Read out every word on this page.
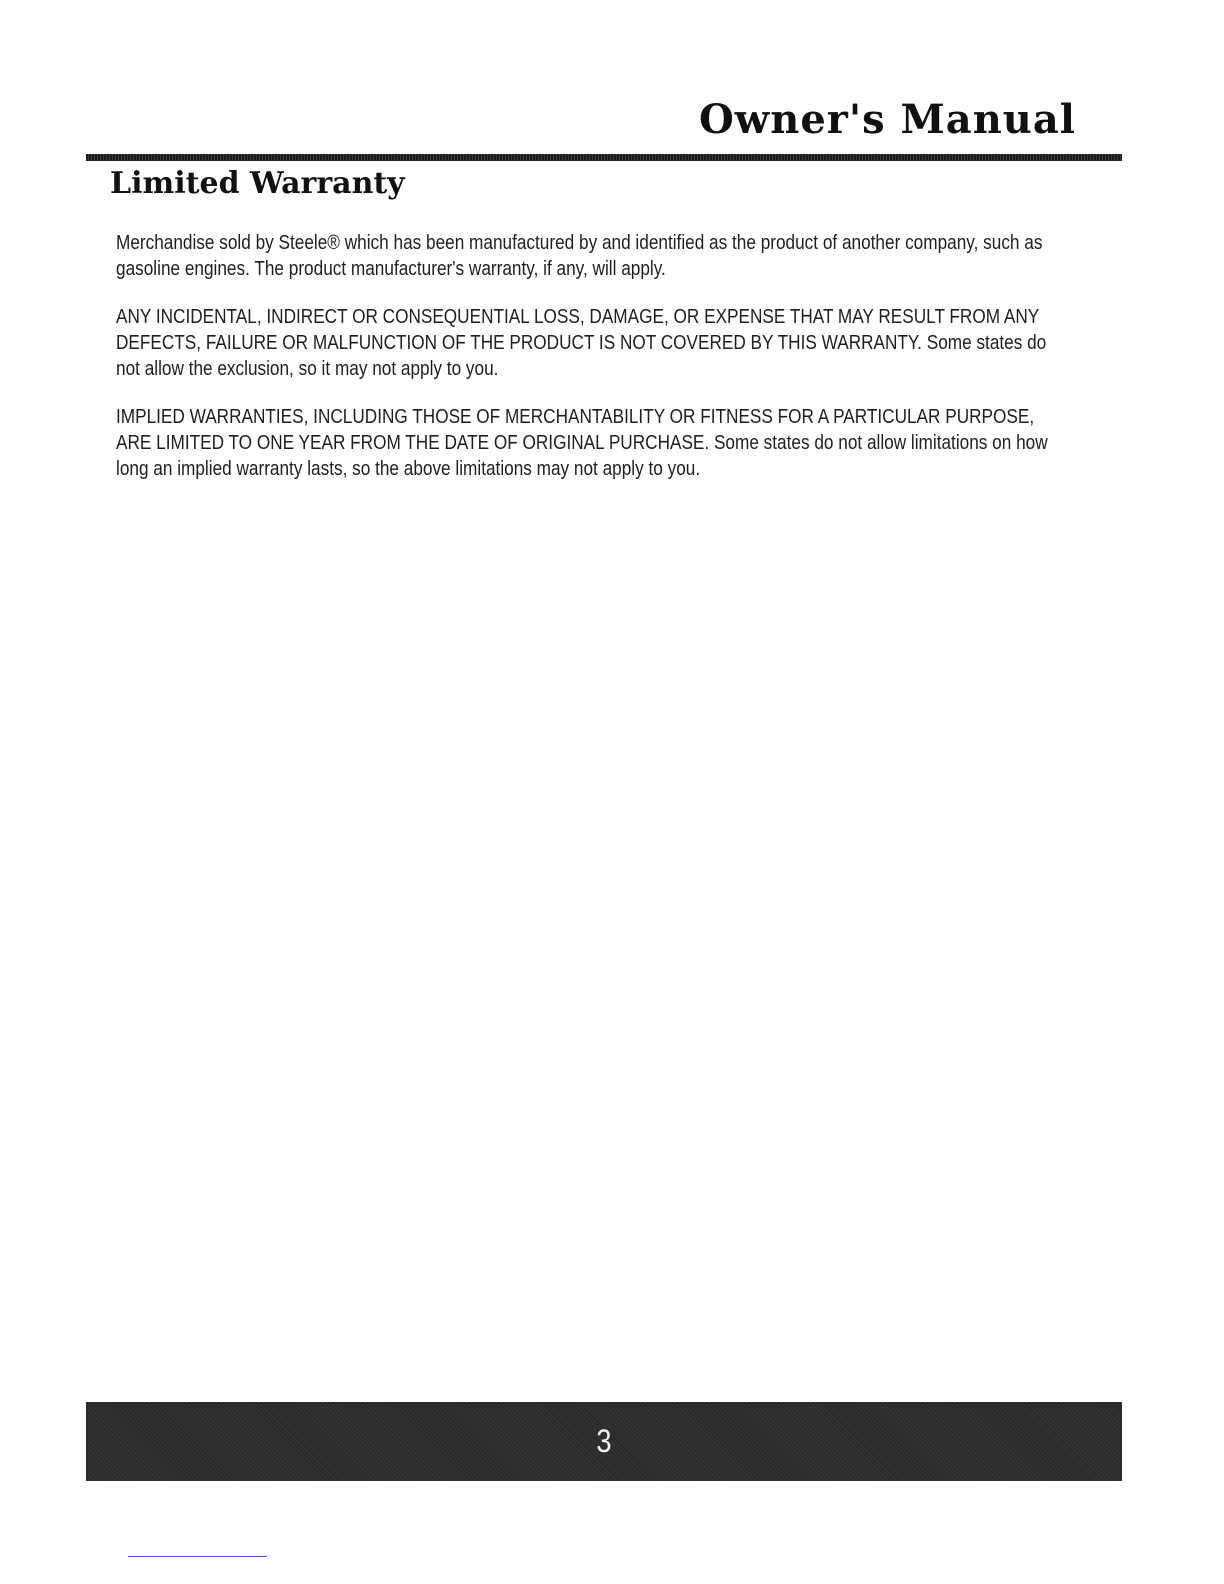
Owner's Manual
Limited Warranty

Merchandise sold by Steele® which has been manufactured by and identified as the product of another company, such as gasoline engines. The product manufacturer's warranty, if any, will apply.

ANY INCIDENTAL, INDIRECT OR CONSEQUENTIAL LOSS, DAMAGE, OR EXPENSE THAT MAY RESULT FROM ANY DEFECTS, FAILURE OR MALFUNCTION OF THE PRODUCT IS NOT COVERED BY THIS WARRANTY. Some states do not allow the exclusion, so it may not apply to you.

IMPLIED WARRANTIES, INCLUDING THOSE OF MERCHANTABILITY OR FITNESS FOR A PARTICULAR PURPOSE, ARE LIMITED TO ONE YEAR FROM THE DATE OF ORIGINAL PURCHASE. Some states do not allow limitations on how long an implied warranty lasts, so the above limitations may not apply to you.

3
